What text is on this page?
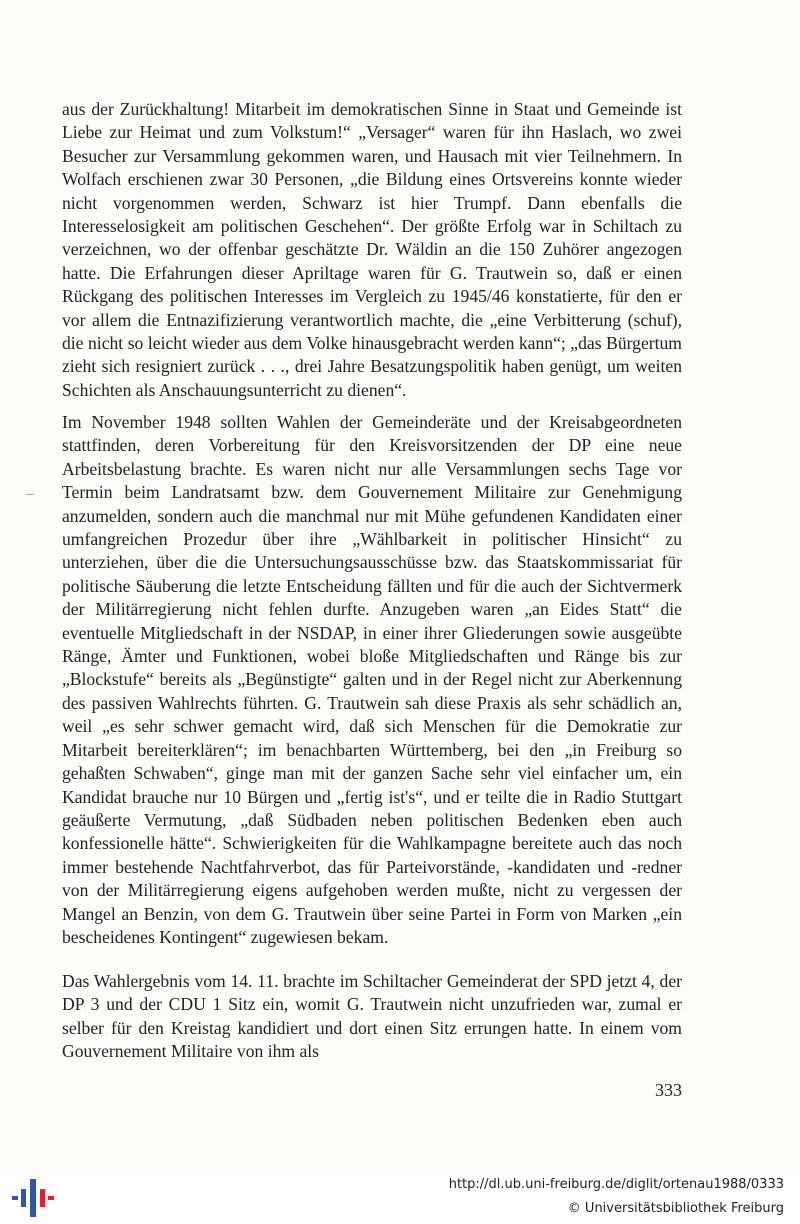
aus der Zurückhaltung! Mitarbeit im demokratischen Sinne in Staat und Gemeinde ist Liebe zur Heimat und zum Volkstum!“ „Versager“ waren für ihn Haslach, wo zwei Besucher zur Versammlung gekommen waren, und Hausach mit vier Teilnehmern. In Wolfach erschienen zwar 30 Personen, „die Bildung eines Ortsvereins konnte wieder nicht vorgenommen werden, Schwarz ist hier Trumpf. Dann ebenfalls die Interesselosigkeit am politischen Geschehen“. Der größte Erfolg war in Schiltach zu verzeichnen, wo der offenbar geschätzte Dr. Wäldin an die 150 Zuhörer angezogen hatte. Die Erfahrungen dieser Apriltage waren für G. Trautwein so, daß er einen Rückgang des politischen Interesses im Vergleich zu 1945/46 konstatierte, für den er vor allem die Entnazifizierung verantwortlich machte, die „eine Verbitterung (schuf), die nicht so leicht wieder aus dem Volke hinausgebracht werden kann“; „das Bürgertum zieht sich resigniert zurück . . ., drei Jahre Besatzungspolitik haben genügt, um weiten Schichten als Anschauungsunterricht zu dienen“.

Im November 1948 sollten Wahlen der Gemeinderäte und der Kreisabgeordneten stattfinden, deren Vorbereitung für den Kreisvorsitzenden der DP eine neue Arbeitsbelastung brachte. Es waren nicht nur alle Versammlungen sechs Tage vor Termin beim Landratsamt bzw. dem Gouvernement Militaire zur Genehmigung anzumelden, sondern auch die manchmal nur mit Mühe gefundenen Kandidaten einer umfangreichen Prozedur über ihre „Wählbarkeit in politischer Hinsicht“ zu unterziehen, über die die Untersuchungsausschüsse bzw. das Staatskommissariat für politische Säuberung die letzte Entscheidung fällten und für die auch der Sichtvermerk der Militärregierung nicht fehlen durfte. Anzugeben waren „an Eides Statt“ die eventuelle Mitgliedschaft in der NSDAP, in einer ihrer Gliederungen sowie ausgeübte Ränge, Ämter und Funktionen, wobei bloße Mitgliedschaften und Ränge bis zur „Blockstufe“ bereits als „Begünstigte“ galten und in der Regel nicht zur Aberkennung des passiven Wahlrechts führten. G. Trautwein sah diese Praxis als sehr schädlich an, weil „es sehr schwer gemacht wird, daß sich Menschen für die Demokratie zur Mitarbeit bereiterklären“; im benachbarten Württemberg, bei den „in Freiburg so gehaßten Schwaben“, ginge man mit der ganzen Sache sehr viel einfacher um, ein Kandidat brauche nur 10 Bürgen und „fertig ist's“, und er teilte die in Radio Stuttgart geäußerte Vermutung, „daß Südbaden neben politischen Bedenken eben auch konfessionelle hätte“. Schwierigkeiten für die Wahlkampagne bereitete auch das noch immer bestehende Nachtfahrverbot, das für Parteivorstände, -kandidaten und -redner von der Militärregierung eigens aufgehoben werden mußte, nicht zu vergessen der Mangel an Benzin, von dem G. Trautwein über seine Partei in Form von Marken „ein bescheidenes Kontingent“ zugewiesen bekam.

Das Wahlergebnis vom 14. 11. brachte im Schiltacher Gemeinderat der SPD jetzt 4, der DP 3 und der CDU 1 Sitz ein, womit G. Trautwein nicht unzufrieden war, zumal er selber für den Kreistag kandidiert und dort einen Sitz errungen hatte. In einem vom Gouvernement Militaire von ihm als

333
http://dl.ub.uni-freiburg.de/diglit/ortenau1988/0333
© Universitätsbibliothek Freiburg
